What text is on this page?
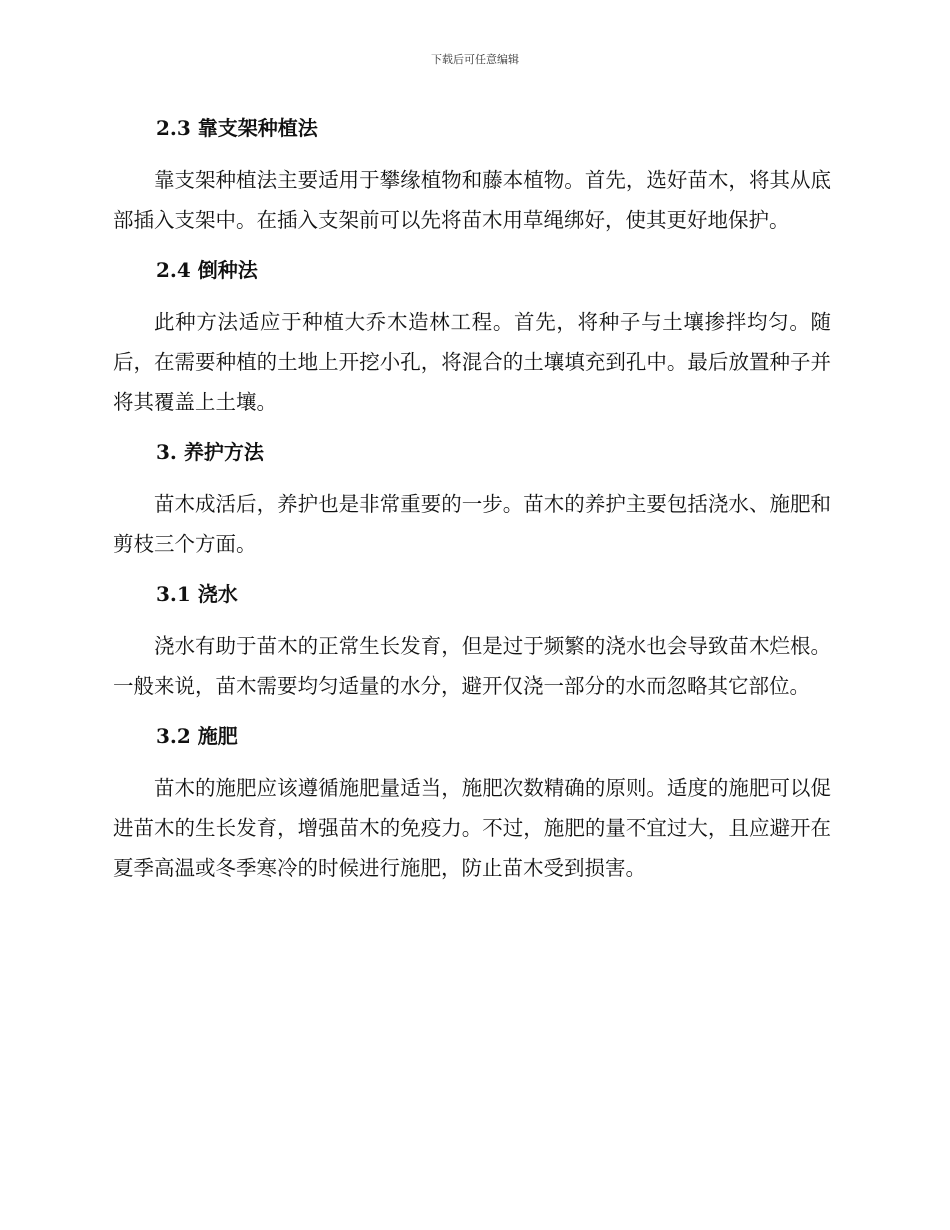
下载后可任意编辑
2.3 靠支架种植法

靠支架种植法主要适用于攀缘植物和藤本植物。首先，选好苗木，将其从底部插入支架中。在插入支架前可以先将苗木用草绳绑好，使其更好地保护。

2.4 倒种法

此种方法适应于种植大乔木造林工程。首先，将种子与土壤掺拌均匀。随后，在需要种植的土地上开挖小孔，将混合的土壤填充到孔中。最后放置种子并将其覆盖上土壤。

3. 养护方法

苗木成活后，养护也是非常重要的一步。苗木的养护主要包括浇水、施肥和剪枝三个方面。

3.1 浇水

浇水有助于苗木的正常生长发育，但是过于频繁的浇水也会导致苗木烂根。一般来说，苗木需要均匀适量的水分，避开仅浇一部分的水而忽略其它部位。

3.2 施肥

苗木的施肥应该遵循施肥量适当，施肥次数精确的原则。适度的施肥可以促进苗木的生长发育，增强苗木的免疫力。不过，施肥的量不宜过大，且应避开在夏季高温或冬季寒冷的时候进行施肥，防止苗木受到损害。
